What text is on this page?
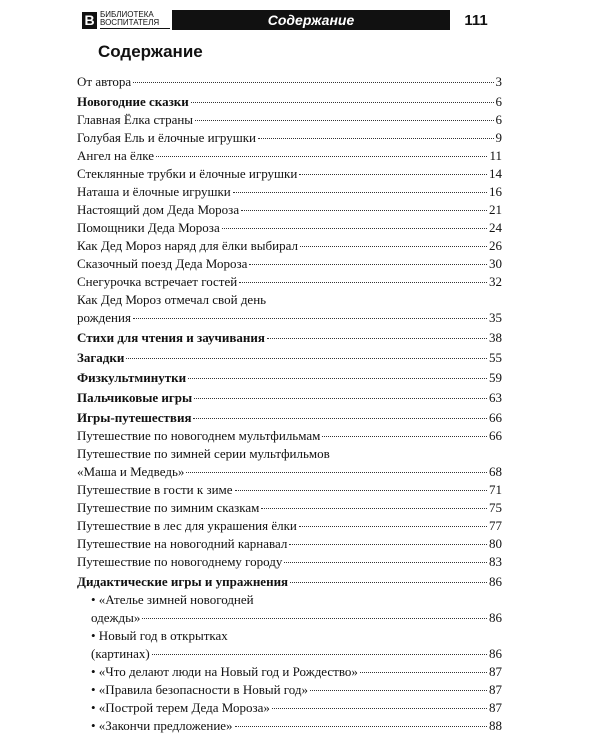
В БИБЛИОТЕКА
ВОСПИТАТЕЛЯ	Содержание	111
Содержание
От автора	3
Новогодние сказки	6
Главная Ёлка страны	6
Голубая Ель и ёлочные игрушки	9
Ангел на ёлке	11
Стеклянные трубки и ёлочные игрушки	14
Наташа и ёлочные игрушки	16
Настоящий дом Деда Мороза	21
Помощники Деда Мороза	24
Как Дед Мороз наряд для ёлки выбирал	26
Сказочный поезд Деда Мороза	30
Снегурочка встречает гостей	32
Как Дед Мороз отмечал свой день
рождения	35
Стихи для чтения и заучивания	38
Загадки	55
Физкультминутки	59
Пальчиковые игры	63
Игры-путешествия	66
Путешествие по новогоднем мультфильмам	66
Путешествие по зимней серии мультфильмов
«Маша и Медведь»	68
Путешествие в гости к зиме	71
Путешествие по зимним сказкам	75
Путешествие в лес для украшения ёлки	77
Путешествие на новогодний карнавал	80
Путешествие по новогоднему городу	83
Дидактические игры и упражнения	86
• «Ателье зимней новогодней
одежды»	86
• Новый год в открытках
(картинах)	86
• «Что делают люди на Новый год и Рождество»	87
• «Правила безопасности в Новый год»	87
• «Построй терем Деда Мороза»	87
• «Закончи предложение»	88
